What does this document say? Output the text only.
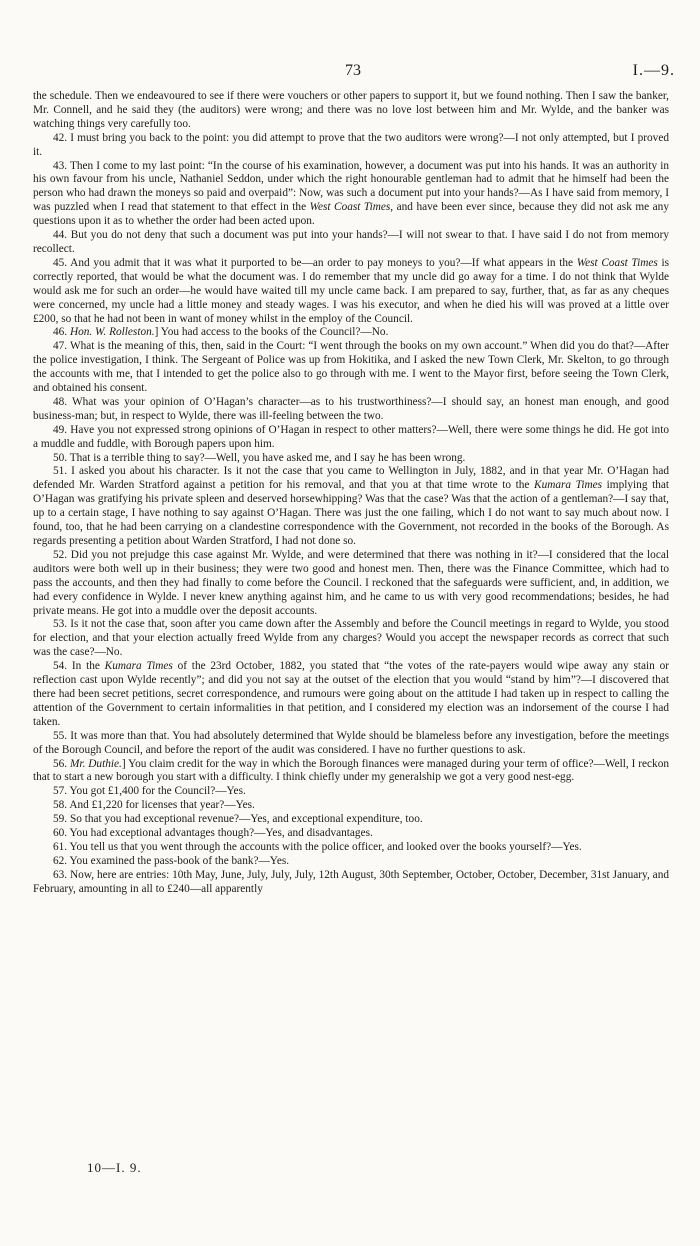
73	I.—9.

the schedule. Then we endeavoured to see if there were vouchers or other papers to support it, but we found nothing. Then I saw the banker, Mr. Connell, and he said they (the auditors) were wrong; and there was no love lost between him and Mr. Wylde, and the banker was watching things very carefully too.

42. I must bring you back to the point: you did attempt to prove that the two auditors were wrong?—I not only attempted, but I proved it.

43. Then I come to my last point: “In the course of his examination, however, a document was put into his hands. It was an authority in his own favour from his uncle, Nathaniel Seddon, under which the right honourable gentleman had to admit that he himself had been the person who had drawn the moneys so paid and overpaid”: Now, was such a document put into your hands?—As I have said from memory, I was puzzled when I read that statement to that effect in the West Coast Times, and have been ever since, because they did not ask me any questions upon it as to whether the order had been acted upon.

44. But you do not deny that such a document was put into your hands?—I will not swear to that. I have said I do not from memory recollect.

45. And you admit that it was what it purported to be—an order to pay moneys to you?—If what appears in the West Coast Times is correctly reported, that would be what the document was. I do remember that my uncle did go away for a time. I do not think that Wylde would ask me for such an order—he would have waited till my uncle came back. I am prepared to say, further, that, as far as any cheques were concerned, my uncle had a little money and steady wages. I was his executor, and when he died his will was proved at a little over £200, so that he had not been in want of money whilst in the employ of the Council.

46. Hon. W. Rolleston.] You had access to the books of the Council?—No.

47. What is the meaning of this, then, said in the Court: “I went through the books on my own account.” When did you do that?—After the police investigation, I think. The Sergeant of Police was up from Hokitika, and I asked the new Town Clerk, Mr. Skelton, to go through the accounts with me, that I intended to get the police also to go through with me. I went to the Mayor first, before seeing the Town Clerk, and obtained his consent.

48. What was your opinion of O’Hagan’s character—as to his trustworthiness?—I should say, an honest man enough, and good business-man; but, in respect to Wylde, there was ill-feeling between the two.

49. Have you not expressed strong opinions of O’Hagan in respect to other matters?—Well, there were some things he did. He got into a muddle and fuddle, with Borough papers upon him.

50. That is a terrible thing to say?—Well, you have asked me, and I say he has been wrong.

51. I asked you about his character. Is it not the case that you came to Wellington in July, 1882, and in that year Mr. O’Hagan had defended Mr. Warden Stratford against a petition for his removal, and that you at that time wrote to the Kumara Times implying that O’Hagan was gratifying his private spleen and deserved horsewhipping? Was that the case? Was that the action of a gentleman?—I say that, up to a certain stage, I have nothing to say against O’Hagan. There was just the one failing, which I do not want to say much about now. I found, too, that he had been carrying on a clandestine correspondence with the Government, not recorded in the books of the Borough. As regards presenting a petition about Warden Stratford, I had not done so.

52. Did you not prejudge this case against Mr. Wylde, and were determined that there was nothing in it?—I considered that the local auditors were both well up in their business; they were two good and honest men. Then, there was the Finance Committee, which had to pass the accounts, and then they had finally to come before the Council. I reckoned that the safeguards were sufficient, and, in addition, we had every confidence in Wylde. I never knew anything against him, and he came to us with very good recommendations; besides, he had private means. He got into a muddle over the deposit accounts.

53. Is it not the case that, soon after you came down after the Assembly and before the Council meetings in regard to Wylde, you stood for election, and that your election actually freed Wylde from any charges? Would you accept the newspaper records as correct that such was the case?—No.

54. In the Kumara Times of the 23rd October, 1882, you stated that “the votes of the rate-payers would wipe away any stain or reflection cast upon Wylde recently”; and did you not say at the outset of the election that you would “stand by him”?—I discovered that there had been secret petitions, secret correspondence, and rumours were going about on the attitude I had taken up in respect to calling the attention of the Government to certain informalities in that petition, and I considered my election was an indorsement of the course I had taken.

55. It was more than that. You had absolutely determined that Wylde should be blameless before any investigation, before the meetings of the Borough Council, and before the report of the audit was considered. I have no further questions to ask.

56. Mr. Duthie.] You claim credit for the way in which the Borough finances were managed during your term of office?—Well, I reckon that to start a new borough you start with a difficulty. I think chiefly under my generalship we got a very good nest-egg.

57. You got £1,400 for the Council?—Yes.

58. And £1,220 for licenses that year?—Yes.

59. So that you had exceptional revenue?—Yes, and exceptional expenditure, too.

60. You had exceptional advantages though?—Yes, and disadvantages.

61. You tell us that you went through the accounts with the police officer, and looked over the books yourself?—Yes.

62. You examined the pass-book of the bank?—Yes.

63. Now, here are entries: 10th May, June, July, July, July, 12th August, 30th September, October, October, December, 31st January, and February, amounting in all to £240—all apparently

10—I. 9.
